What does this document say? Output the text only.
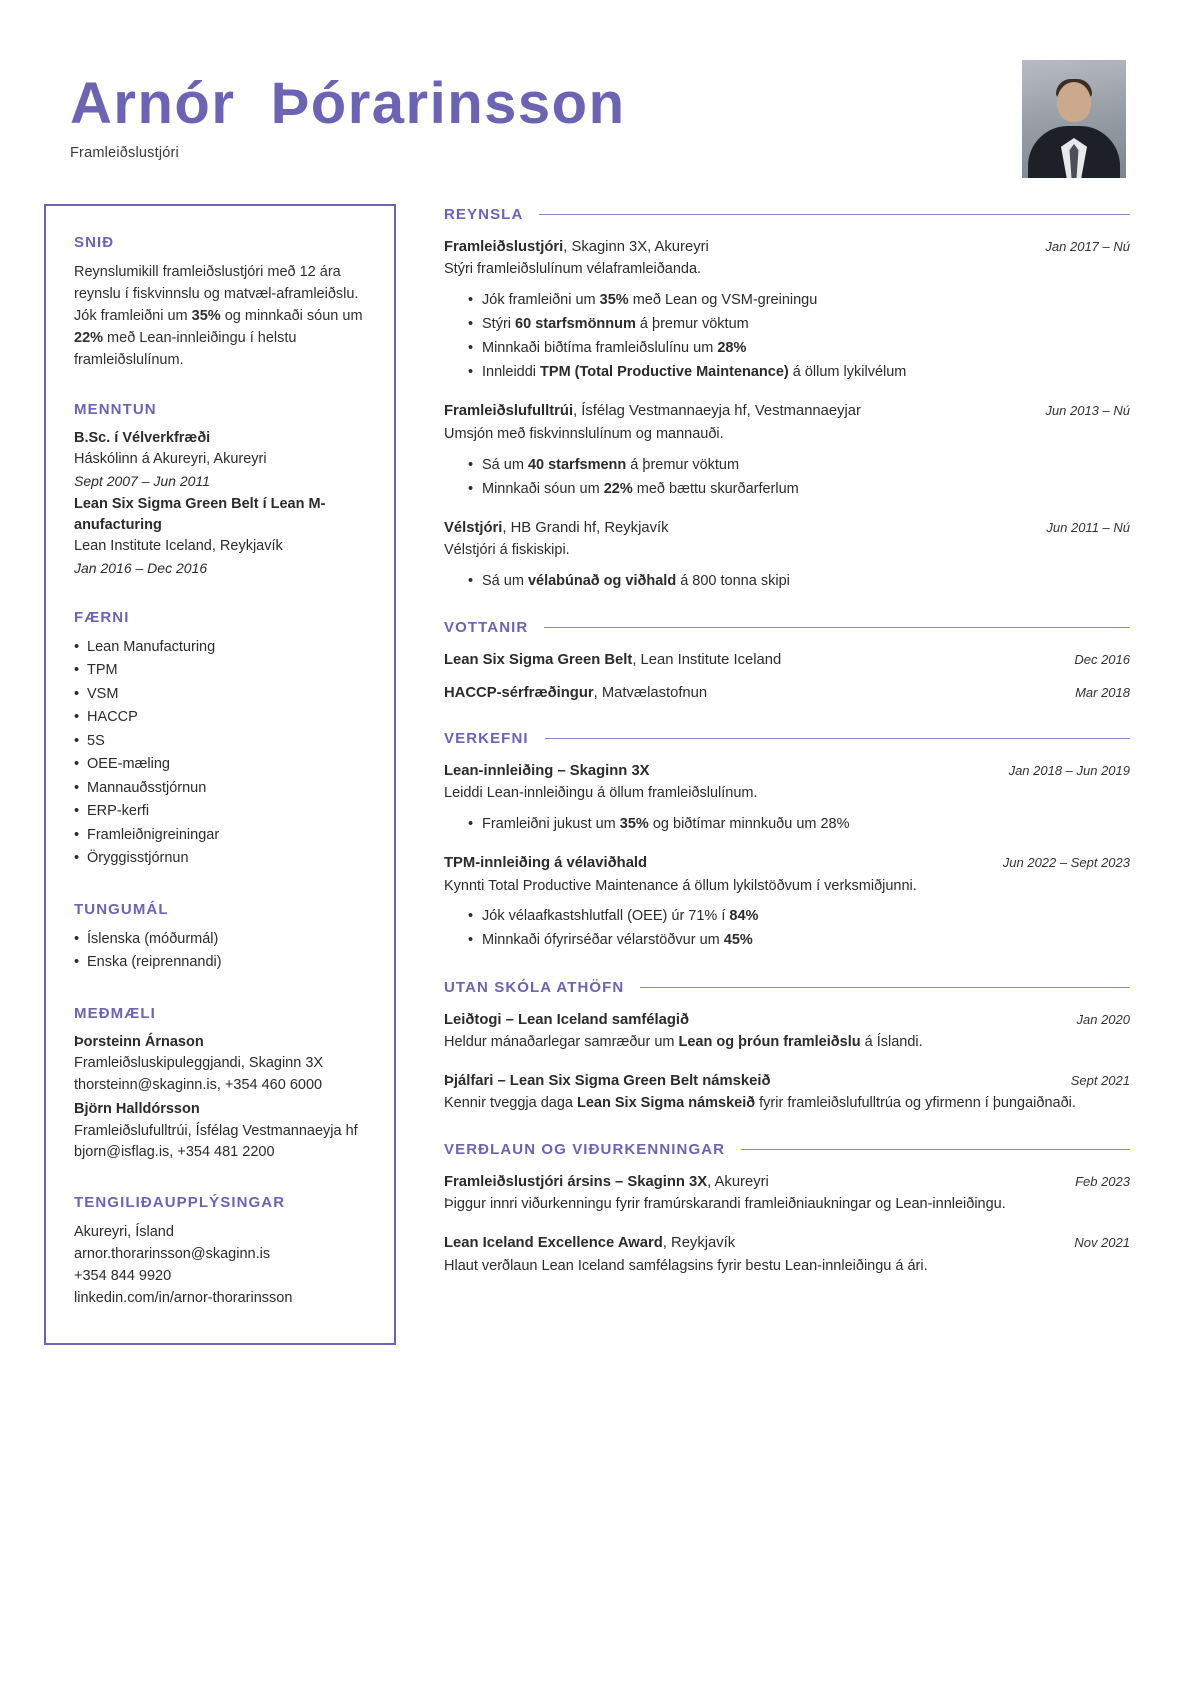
Arnór  Þórarinsson
Framleiðslustjóri
SNIÐ

Reynslumikill framleiðslustjóri með 12 ára reynslu í fiskvinnslu og matvæl-aframleiðslu. Jók framleiðni um 35% og minnkaði sóun um 22% með Lean-innleiðingu í helstu framleiðslulínum.

MENNTUN
B.Sc. í Vélverkfræði
Háskólinn á Akureyri, Akureyri
Sept 2007 – Jun 2011
Lean Six Sigma Green Belt í Lean M-anufacturing
Lean Institute Iceland, Reykjavík
Jan 2016 – Dec 2016
FÆRNI
• Lean Manufacturing
• TPM
• VSM
• HACCP
• 5S
• OEE-mæling
• Mannauðsstjórnun
• ERP-kerfi
• Framleiðnigreiningar
• Öryggisstjórnun
TUNGUMÁL
• Íslenska (móðurmál)
• Enska (reiprennandi)
MEÐMÆLI
Þorsteinn Árnason
Framleiðsluskipuleggjandi, Skaginn 3X
thorsteinn@skaginn.is, +354 460 6000
Björn Halldórsson
Framleiðslufulltrúi, Ísfélag Vestmannaeyja hf
bjorn@isflag.is, +354 481 2200
TENGILIÐAUPPLÝSINGAR
Akureyri, Ísland
arnor.thorarinsson@skaginn.is
+354 844 9920
linkedin.com/in/arnor-thorarinsson
REYNSLA
Framleiðslustjóri, Skaginn 3X, Akureyri	Jan 2017 – Nú
Stýri framleiðslulínum vélaframleiðanda.
• Jók framleiðni um 35% með Lean og VSM-greiningu
• Stýri 60 starfsmönnum á þremur vöktum
• Minnkaði biðtíma framleiðslulínu um 28%
• Innleiddi TPM (Total Productive Maintenance) á öllum lykilvélum
Framleiðslufulltrúi, Ísfélag Vestmannaeyja hf, Vestmannaeyjar	Jun 2013 – Nú
Umsjón með fiskvinnslulínum og mannauði.
• Sá um 40 starfsmenn á þremur vöktum
• Minnkaði sóun um 22% með bættu skurðarferlum
Vélstjóri, HB Grandi hf, Reykjavík	Jun 2011 – Nú
Vélstjóri á fiskiskipi.
• Sá um vélabúnað og viðhald á 800 tonna skipi
VOTTANIR
Lean Six Sigma Green Belt, Lean Institute Iceland	Dec 2016
HACCP-sérfræðingur, Matvælastofnun	Mar 2018
VERKEFNI
Lean-innleiðing – Skaginn 3X	Jan 2018 – Jun 2019
Leiddi Lean-innleiðingu á öllum framleiðslulínum.
• Framleiðni jukust um 35% og biðtímar minnkuðu um 28%
TPM-innleiðing á vélaviðhald	Jun 2022 – Sept 2023
Kynnti Total Productive Maintenance á öllum lykilstöðvum í verksmiðjunni.
• Jók vélaafkastshlutfall (OEE) úr 71% í 84%
• Minnkaði ófyrirséðar vélarstöðvur um 45%
UTAN SKÓLA ATHÖFN
Leiðtogi – Lean Iceland samfélagið	Jan 2020
Heldur mánaðarlegar samræður um Lean og þróun framleiðslu á Íslandi.
Þjálfari – Lean Six Sigma Green Belt námskeið	Sept 2021
Kennir tveggja daga Lean Six Sigma námskeið fyrir framleiðslufulltrúa og yfirmenn í þungaiðnaði.
VERÐLAUN OG VIÐURKENNINGAR
Framleiðslustjóri ársins – Skaginn 3X, Akureyri	Feb 2023
Þiggur innri viðurkenningu fyrir framúrskarandi framleiðniaukningar og Lean-innleiðingu.
Lean Iceland Excellence Award, Reykjavík	Nov 2021
Hlaut verðlaun Lean Iceland samfélagsins fyrir bestu Lean-innleiðingu á ári.
